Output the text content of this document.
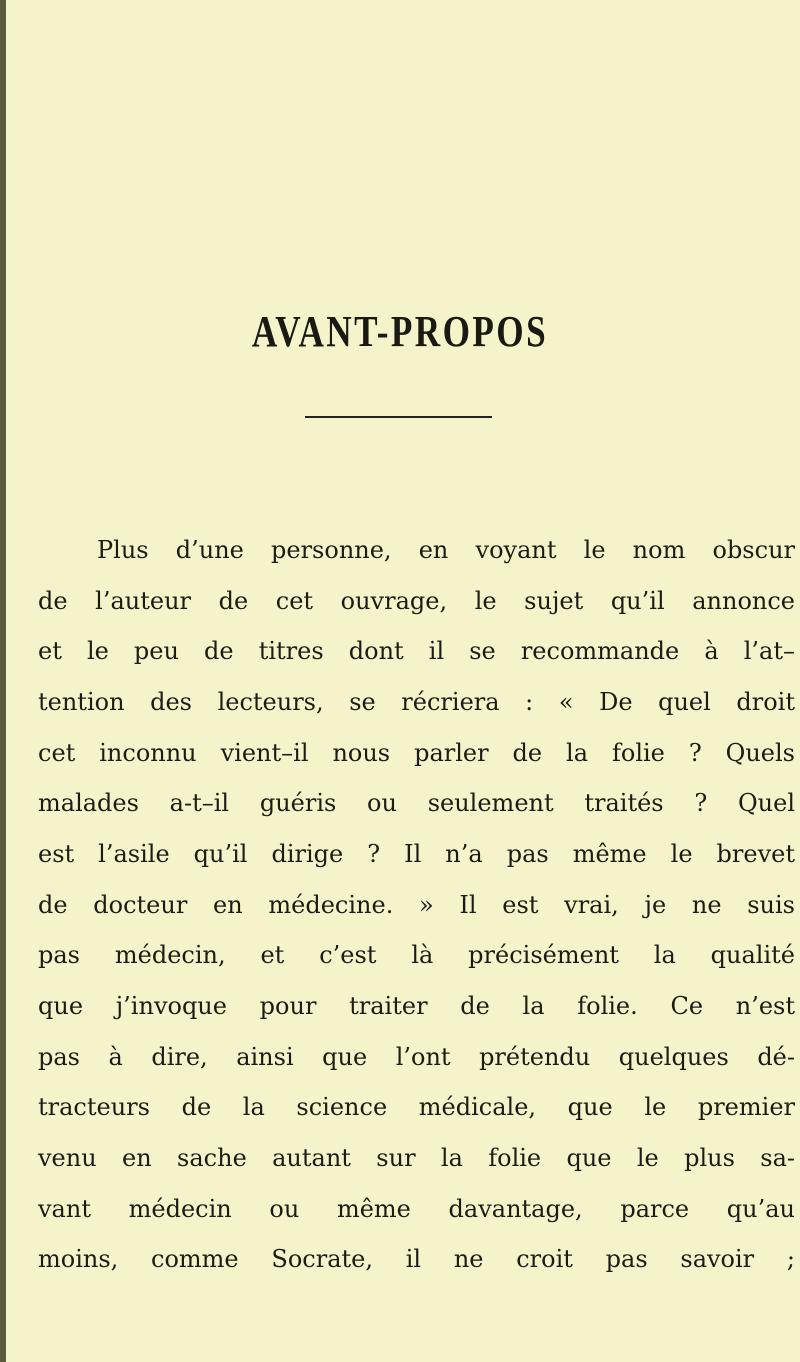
AVANT-PROPOS
Plus d’une personne, en voyant le nom obscur
de l’auteur de cet ouvrage, le sujet qu’il annonce
et le peu de titres dont il se recommande à l’at–
tention des lecteurs, se récriera : « De quel droit
cet inconnu vient–il nous parler de la folie ? Quels
malades a-t–il guéris ou seulement traités ? Quel
est l’asile qu’il dirige ? Il n’a pas même le brevet
de docteur en médecine. » Il est vrai, je ne suis
pas médecin, et c’est là précisément la qualité
que j’invoque pour traiter de la folie. Ce n’est
pas à dire, ainsi que l’ont prétendu quelques dé-
tracteurs de la science médicale, que le premier
venu en sache autant sur la folie que le plus sa-
vant médecin ou même davantage, parce qu’au
moins, comme Socrate, il ne croit pas savoir ;
